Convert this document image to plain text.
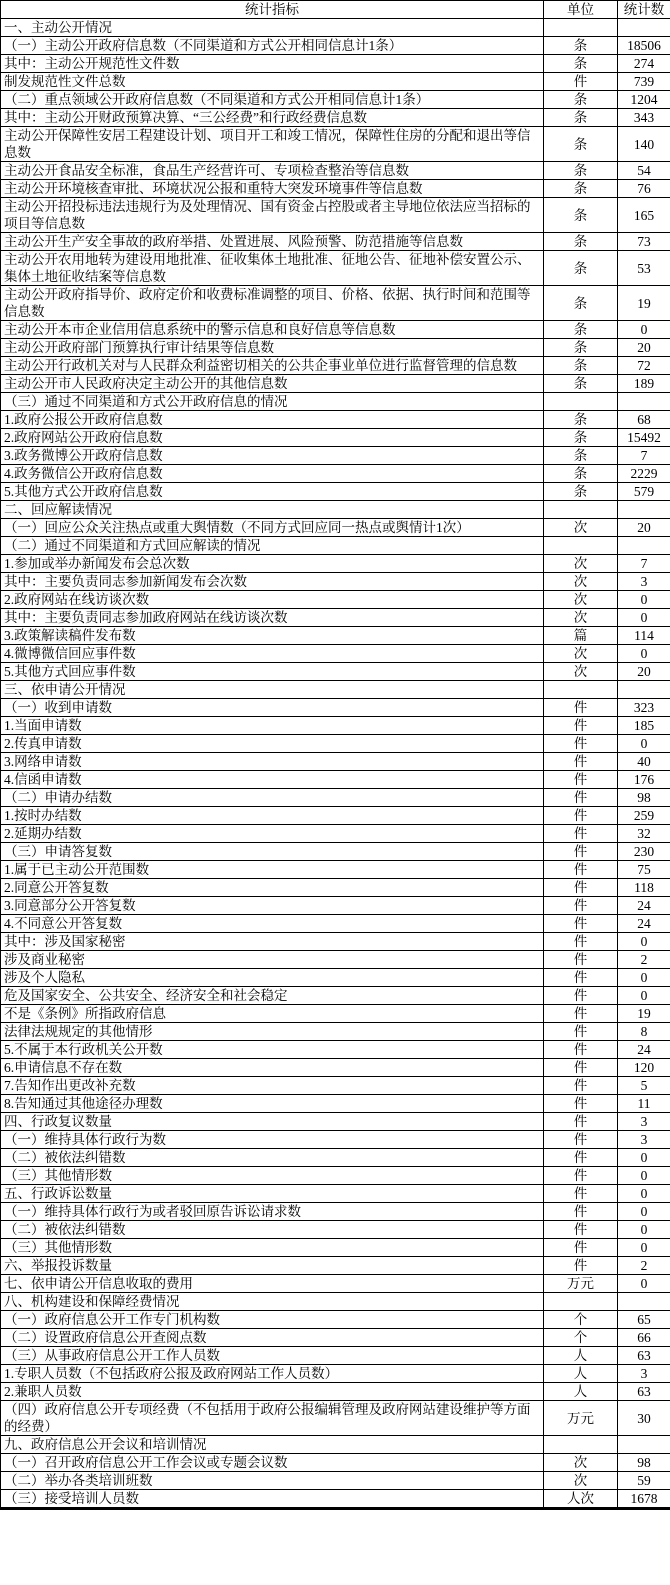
统计指标	单位	统计数
一、主动公开情况		
（一）主动公开政府信息数（不同渠道和方式公开相同信息计1条）	条	18506
其中：主动公开规范性文件数	条	274
制发规范性文件总数	件	739
（二）重点领域公开政府信息数（不同渠道和方式公开相同信息计1条）	条	1204
其中：主动公开财政预算决算、“三公经费”和行政经费信息数	条	343
主动公开保障性安居工程建设计划、项目开工和竣工情况，保障性住房的分配和退出等信息数	条	140
主动公开食品安全标准，食品生产经营许可、专项检查整治等信息数	条	54
主动公开环境核查审批、环境状况公报和重特大突发环境事件等信息数	条	76
主动公开招投标违法违规行为及处理情况、国有资金占控股或者主导地位依法应当招标的项目等信息数	条	165
主动公开生产安全事故的政府举措、处置进展、风险预警、防范措施等信息数	条	73
主动公开农用地转为建设用地批准、征收集体土地批准、征地公告、征地补偿安置公示、集体土地征收结案等信息数	条	53
主动公开政府指导价、政府定价和收费标准调整的项目、价格、依据、执行时间和范围等信息数	条	19
主动公开本市企业信用信息系统中的警示信息和良好信息等信息数	条	0
主动公开政府部门预算执行审计结果等信息数	条	20
主动公开行政机关对与人民群众利益密切相关的公共企事业单位进行监督管理的信息数	条	72
主动公开市人民政府决定主动公开的其他信息数	条	189
（三）通过不同渠道和方式公开政府信息的情况		
1.政府公报公开政府信息数	条	68
2.政府网站公开政府信息数	条	15492
3.政务微博公开政府信息数	条	7
4.政务微信公开政府信息数	条	2229
5.其他方式公开政府信息数	条	579
二、回应解读情况		
（一）回应公众关注热点或重大舆情数（不同方式回应同一热点或舆情计1次）	次	20
（二）通过不同渠道和方式回应解读的情况		
1.参加或举办新闻发布会总次数	次	7
其中：主要负责同志参加新闻发布会次数	次	3
2.政府网站在线访谈次数	次	0
其中：主要负责同志参加政府网站在线访谈次数	次	0
3.政策解读稿件发布数	篇	114
4.微博微信回应事件数	次	0
5.其他方式回应事件数	次	20
三、依申请公开情况		
（一）收到申请数	件	323
1.当面申请数	件	185
2.传真申请数	件	0
3.网络申请数	件	40
4.信函申请数	件	176
（二）申请办结数	件	98
1.按时办结数	件	259
2.延期办结数	件	32
（三）申请答复数	件	230
1.属于已主动公开范围数	件	75
2.同意公开答复数	件	118
3.同意部分公开答复数	件	24
4.不同意公开答复数	件	24
其中：涉及国家秘密	件	0
涉及商业秘密	件	2
涉及个人隐私	件	0
危及国家安全、公共安全、经济安全和社会稳定	件	0
不是《条例》所指政府信息	件	19
法律法规规定的其他情形	件	8
5.不属于本行政机关公开数	件	24
6.申请信息不存在数	件	120
7.告知作出更改补充数	件	5
8.告知通过其他途径办理数	件	11
四、行政复议数量	件	3
（一）维持具体行政行为数	件	3
（二）被依法纠错数	件	0
（三）其他情形数	件	0
五、行政诉讼数量	件	0
（一）维持具体行政行为或者驳回原告诉讼请求数	件	0
（二）被依法纠错数	件	0
（三）其他情形数	件	0
六、举报投诉数量	件	2
七、依申请公开信息收取的费用	万元	0
八、机构建设和保障经费情况		
（一）政府信息公开工作专门机构数	个	65
（二）设置政府信息公开查阅点数	个	66
（三）从事政府信息公开工作人员数	人	63
1.专职人员数（不包括政府公报及政府网站工作人员数）	人	3
2.兼职人员数	人	63
（四）政府信息公开专项经费（不包括用于政府公报编辑管理及政府网站建设维护等方面的经费）	万元	30
九、政府信息公开会议和培训情况		
（一）召开政府信息公开工作会议或专题会议数	次	98
（二）举办各类培训班数	次	59
（三）接受培训人员数	人次	1678
